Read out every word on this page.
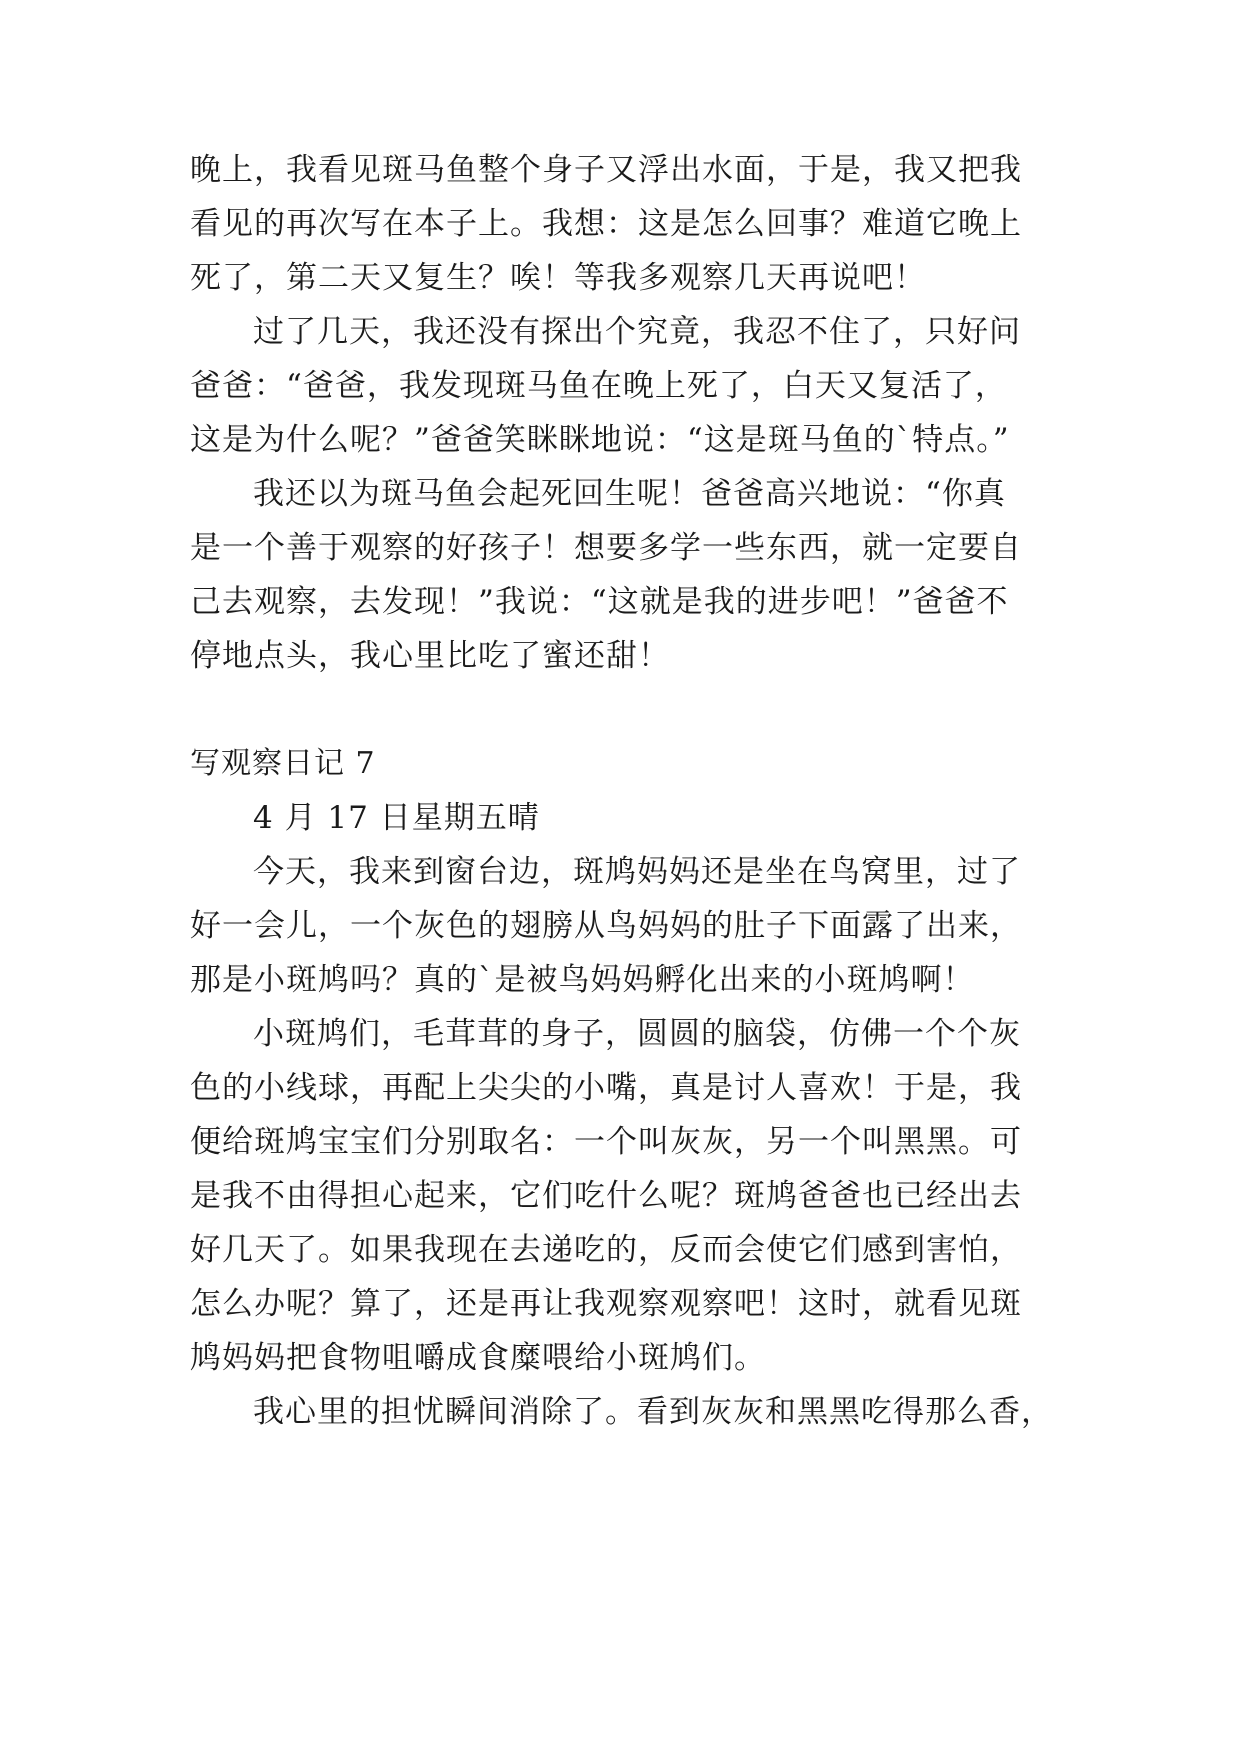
晚上，我看见斑马鱼整个身子又浮出水面，于是，我又把我
看见的再次写在本子上。我想：这是怎么回事？难道它晚上
死了，第二天又复生？唉！等我多观察几天再说吧！
过了几天，我还没有探出个究竟，我忍不住了，只好问
爸爸：“爸爸，我发现斑马鱼在晚上死了，白天又复活了，
这是为什么呢？”爸爸笑眯眯地说：“这是斑马鱼的`特点。”
我还以为斑马鱼会起死回生呢！爸爸高兴地说：“你真
是一个善于观察的好孩子！想要多学一些东西，就一定要自
己去观察，去发现！”我说：“这就是我的进步吧！”爸爸不
停地点头，我心里比吃了蜜还甜！
写观察日记 7
4 月 17 日星期五晴
今天，我来到窗台边，斑鸠妈妈还是坐在鸟窝里，过了
好一会儿，一个灰色的翅膀从鸟妈妈的肚子下面露了出来，
那是小斑鸠吗？真的`是被鸟妈妈孵化出来的小斑鸠啊！
小斑鸠们，毛茸茸的身子，圆圆的脑袋，仿佛一个个灰
色的小线球，再配上尖尖的小嘴，真是讨人喜欢！于是，我
便给斑鸠宝宝们分别取名：一个叫灰灰，另一个叫黑黑。可
是我不由得担心起来，它们吃什么呢？斑鸠爸爸也已经出去
好几天了。如果我现在去递吃的，反而会使它们感到害怕，
怎么办呢？算了，还是再让我观察观察吧！这时，就看见斑
鸠妈妈把食物咀嚼成食糜喂给小斑鸠们。
我心里的担忧瞬间消除了。看到灰灰和黑黑吃得那么香，
